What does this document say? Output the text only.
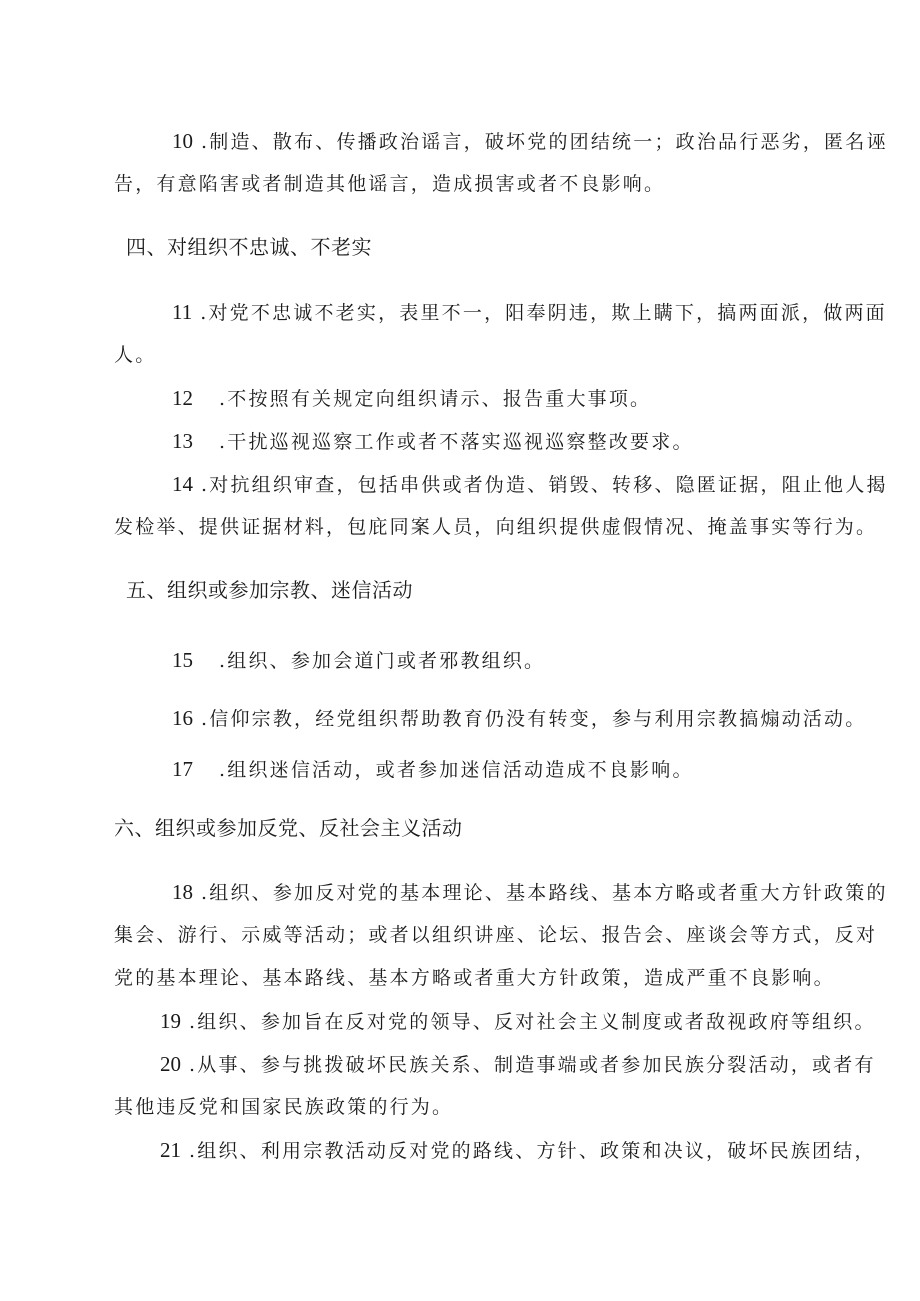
10 .制造、散布、传播政治谣言，破坏党的团结统一；政治品行恶劣，匿名诬
告，有意陷害或者制造其他谣言，造成损害或者不良影响。
四、对组织不忠诚、不老实
11 .对党不忠诚不老实，表里不一，阳奉阴违，欺上瞒下，搞两面派，做两面
人。
12 .不按照有关规定向组织请示、报告重大事项。
13 .干扰巡视巡察工作或者不落实巡视巡察整改要求。
14 .对抗组织审查，包括串供或者伪造、销毁、转移、隐匿证据，阻止他人揭
发检举、提供证据材料，包庇同案人员，向组织提供虚假情况、掩盖事实等行为。
五、组织或参加宗教、迷信活动
15 .组织、参加会道门或者邪教组织。
16 .信仰宗教，经党组织帮助教育仍没有转变，参与利用宗教搞煽动活动。
17 .组织迷信活动，或者参加迷信活动造成不良影响。
六、组织或参加反党、反社会主义活动
18 .组织、参加反对党的基本理论、基本路线、基本方略或者重大方针政策的
集会、游行、示威等活动；或者以组织讲座、论坛、报告会、座谈会等方式，反对
党的基本理论、基本路线、基本方略或者重大方针政策，造成严重不良影响。
19 .组织、参加旨在反对党的领导、反对社会主义制度或者敌视政府等组织。
20 .从事、参与挑拨破坏民族关系、制造事端或者参加民族分裂活动，或者有
其他违反党和国家民族政策的行为。
21 .组织、利用宗教活动反对党的路线、方针、政策和决议，破坏民族团结，
